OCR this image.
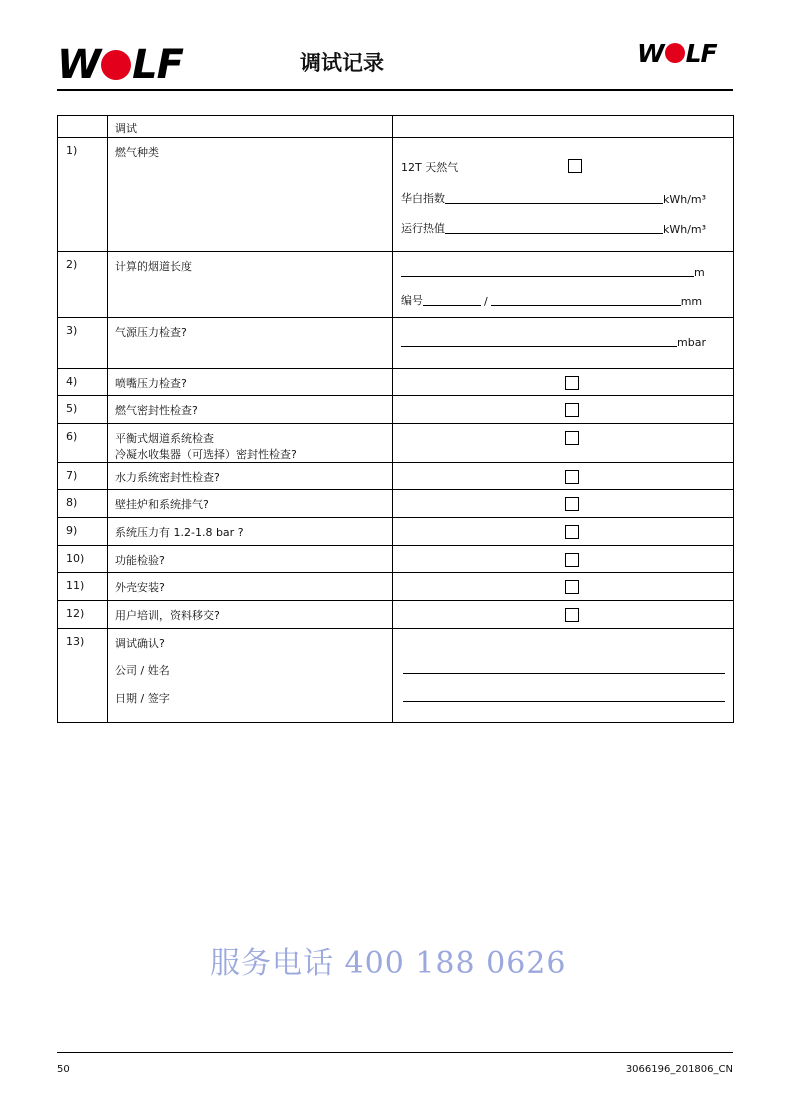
W LF	调试记录	W LF
	调试	
1)	燃气种类	12T 天然气
华白指数 kWh/m³
运行热值 kWh/m³

2)	计算的烟道长度	m
编号 / mm

3)	气源压力检查?	mbar

4)	喷嘴压力检查?	

5)	燃气密封性检查?	

6)	平衡式烟道系统检查
冷凝水收集器（可选择）密封性检查?	

7)	水力系统密封性检查?	

8)	壁挂炉和系统排气?	

9)	系统压力有 1.2-1.8 bar ?	

10)	功能检验?	

11)	外壳安装?	

12)	用户培训，资料移交?	

13)	调试确认?
公司 / 姓名
日期 / 签字	

服务电话 400 188 0626
50	3066196_201806_CN
